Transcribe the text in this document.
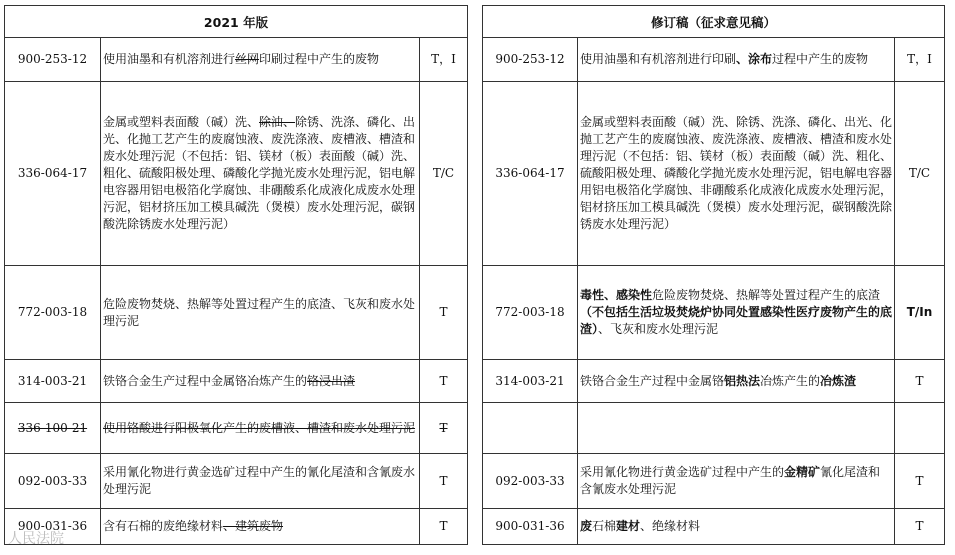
2021 年版				修订稿（征求意见稿）		
900-253-12	使用油墨和有机溶剂进行丝网印刷过程中产生的废物	T，I		900-253-12	使用油墨和有机溶剂进行印刷、涂布过程中产生的废物	T，I
336-064-17	金属或塑料表面酸（碱）洗、除油、除锈、洗涤、磷化、出光、化抛工艺产生的废腐蚀液、废洗涤液、废槽液、槽渣和废水处理污泥（不包括：铝、镁材（板）表面酸（碱）洗、粗化、硫酸阳极处理、磷酸化学抛光废水处理污泥，铝电解电容器用铝电极箔化学腐蚀、非硼酸系化成液化成废水处理污泥，铝材挤压加工模具碱洗（煲模）废水处理污泥，碳钢酸洗除锈废水处理污泥）	T/C		336-064-17	金属或塑料表面酸（碱）洗、除锈、洗涤、磷化、出光、化抛工艺产生的废腐蚀液、废洗涤液、废槽液、槽渣和废水处理污泥（不包括：铝、镁材（板）表面酸（碱）洗、粗化、硫酸阳极处理、磷酸化学抛光废水处理污泥，铝电解电容器用铝电极箔化学腐蚀、非硼酸系化成液化成废水处理污泥，铝材挤压加工模具碱洗（煲模）废水处理污泥，碳钢酸洗除锈废水处理污泥）	T/C
772-003-18	危险废物焚烧、热解等处置过程产生的底渣、飞灰和废水处理污泥	T		772-003-18	毒性、感染性危险废物焚烧、热解等处置过程产生的底渣（不包括生活垃圾焚烧炉协同处置感染性医疗废物产生的底渣）、飞灰和废水处理污泥	T/In
314-003-21	铁铬合金生产过程中金属铬冶炼产生的铬浸出渣	T		314-003-21	铁铬合金生产过程中金属铬铝热法冶炼产生的冶炼渣	T
336-100-21	使用铬酸进行阳极氧化产生的废槽液、槽渣和废水处理污泥	T				
092-003-33	采用氰化物进行黄金选矿过程中产生的氰化尾渣和含氰废水处理污泥	T		092-003-33	采用氰化物进行黄金选矿过程中产生的金精矿氰化尾渣和含氰废水处理污泥	T
900-031-36	含有石棉的废绝缘材料、建筑废物	T		900-031-36	废石棉建材、绝缘材料	T
人民法院
